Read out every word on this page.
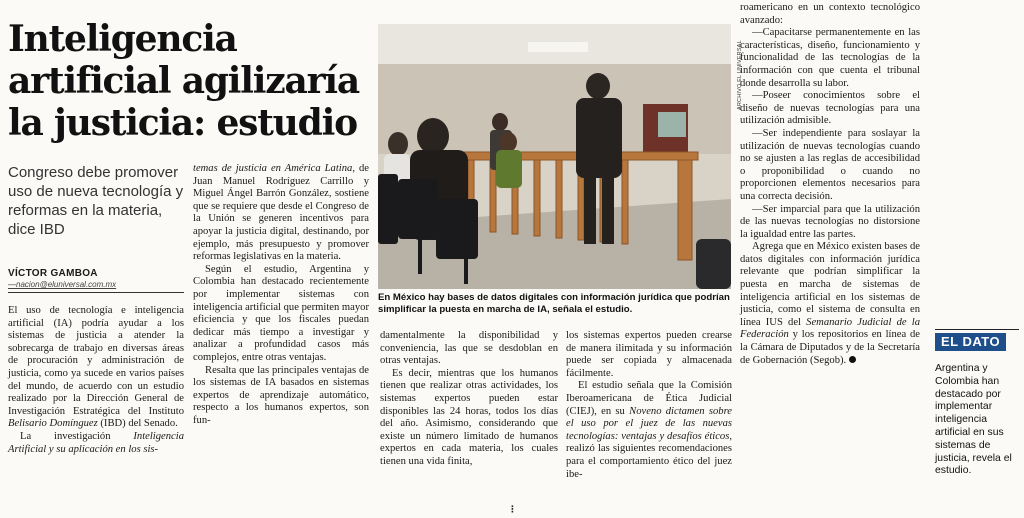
Inteligencia artificial agilizaría la justicia: estudio
Congreso debe promover uso de nueva tecnología y reformas en la materia, dice IBD
VÍCTOR GAMBOA
—nacion@eluniversal.com.mx

El uso de tecnología e inteligencia artificial (IA) podría ayudar a los sistemas de justicia a atender la sobrecarga de trabajo en diversas áreas de procuración y administración de justicia, como ya sucede en varios países del mundo, de acuerdo con un estudio realizado por la Dirección General de Investigación Estratégica del Instituto Belisario Domínguez (IBD) del Senado.

La investigación Inteligencia Artificial y su aplicación en los sis-

temas de justicia en América Latina, de Juan Manuel Rodríguez Carrillo y Miguel Ángel Barrón González, sostiene que se requiere que desde el Congreso de la Unión se generen incentivos para apoyar la justicia digital, destinando, por ejemplo, más presupuesto y promover reformas legislativas en la materia.

Según el estudio, Argentina y Colombia han destacado recientemente por implementar sistemas con inteligencia artificial que permiten mayor eficiencia y que los fiscales puedan dedicar más tiempo a investigar y analizar a profundidad casos más complejos, entre otras ventajas.

Resalta que las principales ventajas de los sistemas de IA basados en sistemas expertos de aprendizaje automático, respecto a los humanos expertos, son fun-

ARCHIVO EL UNIVERSAL
En México hay bases de datos digitales con información jurídica que podrían simplificar la puesta en marcha de IA, señala el estudio.

damentalmente la disponibilidad y conveniencia, las que se desdoblan en otras ventajas.

Es decir, mientras que los humanos tienen que realizar otras actividades, los sistemas expertos pueden estar disponibles las 24 horas, todos los días del año. Asimismo, considerando que existe un número limitado de humanos expertos en cada materia, los cuales tienen una vida finita,

los sistemas expertos pueden crearse de manera ilimitada y su información puede ser copiada y almacenada fácilmente.

El estudio señala que la Comisión Iberoamericana de Ética Judicial (CIEJ), en su Noveno dictamen sobre el uso por el juez de las nuevas tecnologías: ventajas y desafíos éticos, realizó las siguientes recomendaciones para el comportamiento ético del juez ibe-

roamericano en un contexto tecnológico avanzado:

—Capacitarse permanentemente en las características, diseño, funcionamiento y funcionalidad de las tecnologías de la información con que cuenta el tribunal donde desarrolla su labor.

—Poseer conocimientos sobre el diseño de nuevas tecnologías para una utilización admisible.

—Ser independiente para soslayar la utilización de nuevas tecnologías cuando no se ajusten a las reglas de accesibilidad o proponibilidad o cuando no proporcionen elementos necesarios para una correcta decisión.

—Ser imparcial para que la utilización de las nuevas tecnologías no distorsione la igualdad entre las partes.

Agrega que en México existen bases de datos digitales con información jurídica relevante que podrían simplificar la puesta en marcha de sistemas de inteligencia artificial en los sistemas de justicia, como el sistema de consulta en línea IUS del Semanario Judicial de la Federación y los repositorios en línea de la Cámara de Diputados y de la Secretaría de Gobernación (Segob).

EL DATO
Argentina y Colombia han destacado por implementar inteligencia artificial en sus sistemas de justicia, revela el estudio.
⋮
